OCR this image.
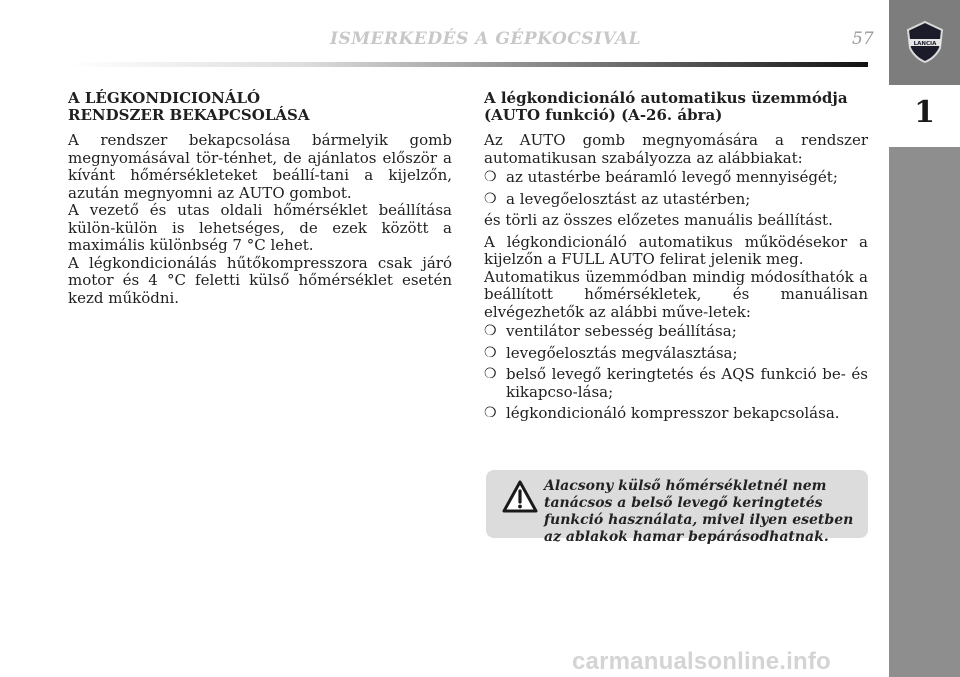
LANCIA
1
ISMERKEDÉS A GÉPKOCSIVAL	57

A LÉGKONDICIONÁLÓ

RENDSZER BEKAPCSOLÁSA

A rendszer bekapcsolása bármelyik gomb megnyomásával tör-ténhet, de ajánlatos először a kívánt hőmérsékleteket beállí-tani a kijelzőn, azután megnyomni az AUTO gombot.

A vezető és utas oldali hőmérséklet beállítása külön-külön is lehetséges, de ezek között a maximális különbség 7 °C lehet.

A légkondicionálás hűtőkompresszora csak járó motor és 4 °C feletti külső hőmérséklet esetén kezd működni.

A légkondicionáló automatikus üzemmódja

(AUTO funkció) (A-26. ábra)

Az AUTO gomb megnyomására a rendszer automatikusan szabályozza az alábbiakat:

❍ az utastérbe beáramló levegő mennyiségét;
❍ a levegőelosztást az utastérben;

és törli az összes előzetes manuális beállítást.

A légkondicionáló automatikus működésekor a kijelzőn a FULL AUTO felirat jelenik meg.

Automatikus üzemmódban mindig módosíthatók a beállított hőmérsékletek, és manuálisan elvégezhetők az alábbi műve-letek:

❍ ventilátor sebesség beállítása;
❍ levegőelosztás megválasztása;
❍ belső levegő keringtetés és AQS funkció be- és kikapcso-lása;
❍ légkondicionáló kompresszor bekapcsolása.
Alacsony külső hőmérsékletnél nem tanácsos a belső levegő keringtetés funkció használata, mivel ilyen esetben az ablakok hamar bepárásodhatnak.
carmanualsonline.info
